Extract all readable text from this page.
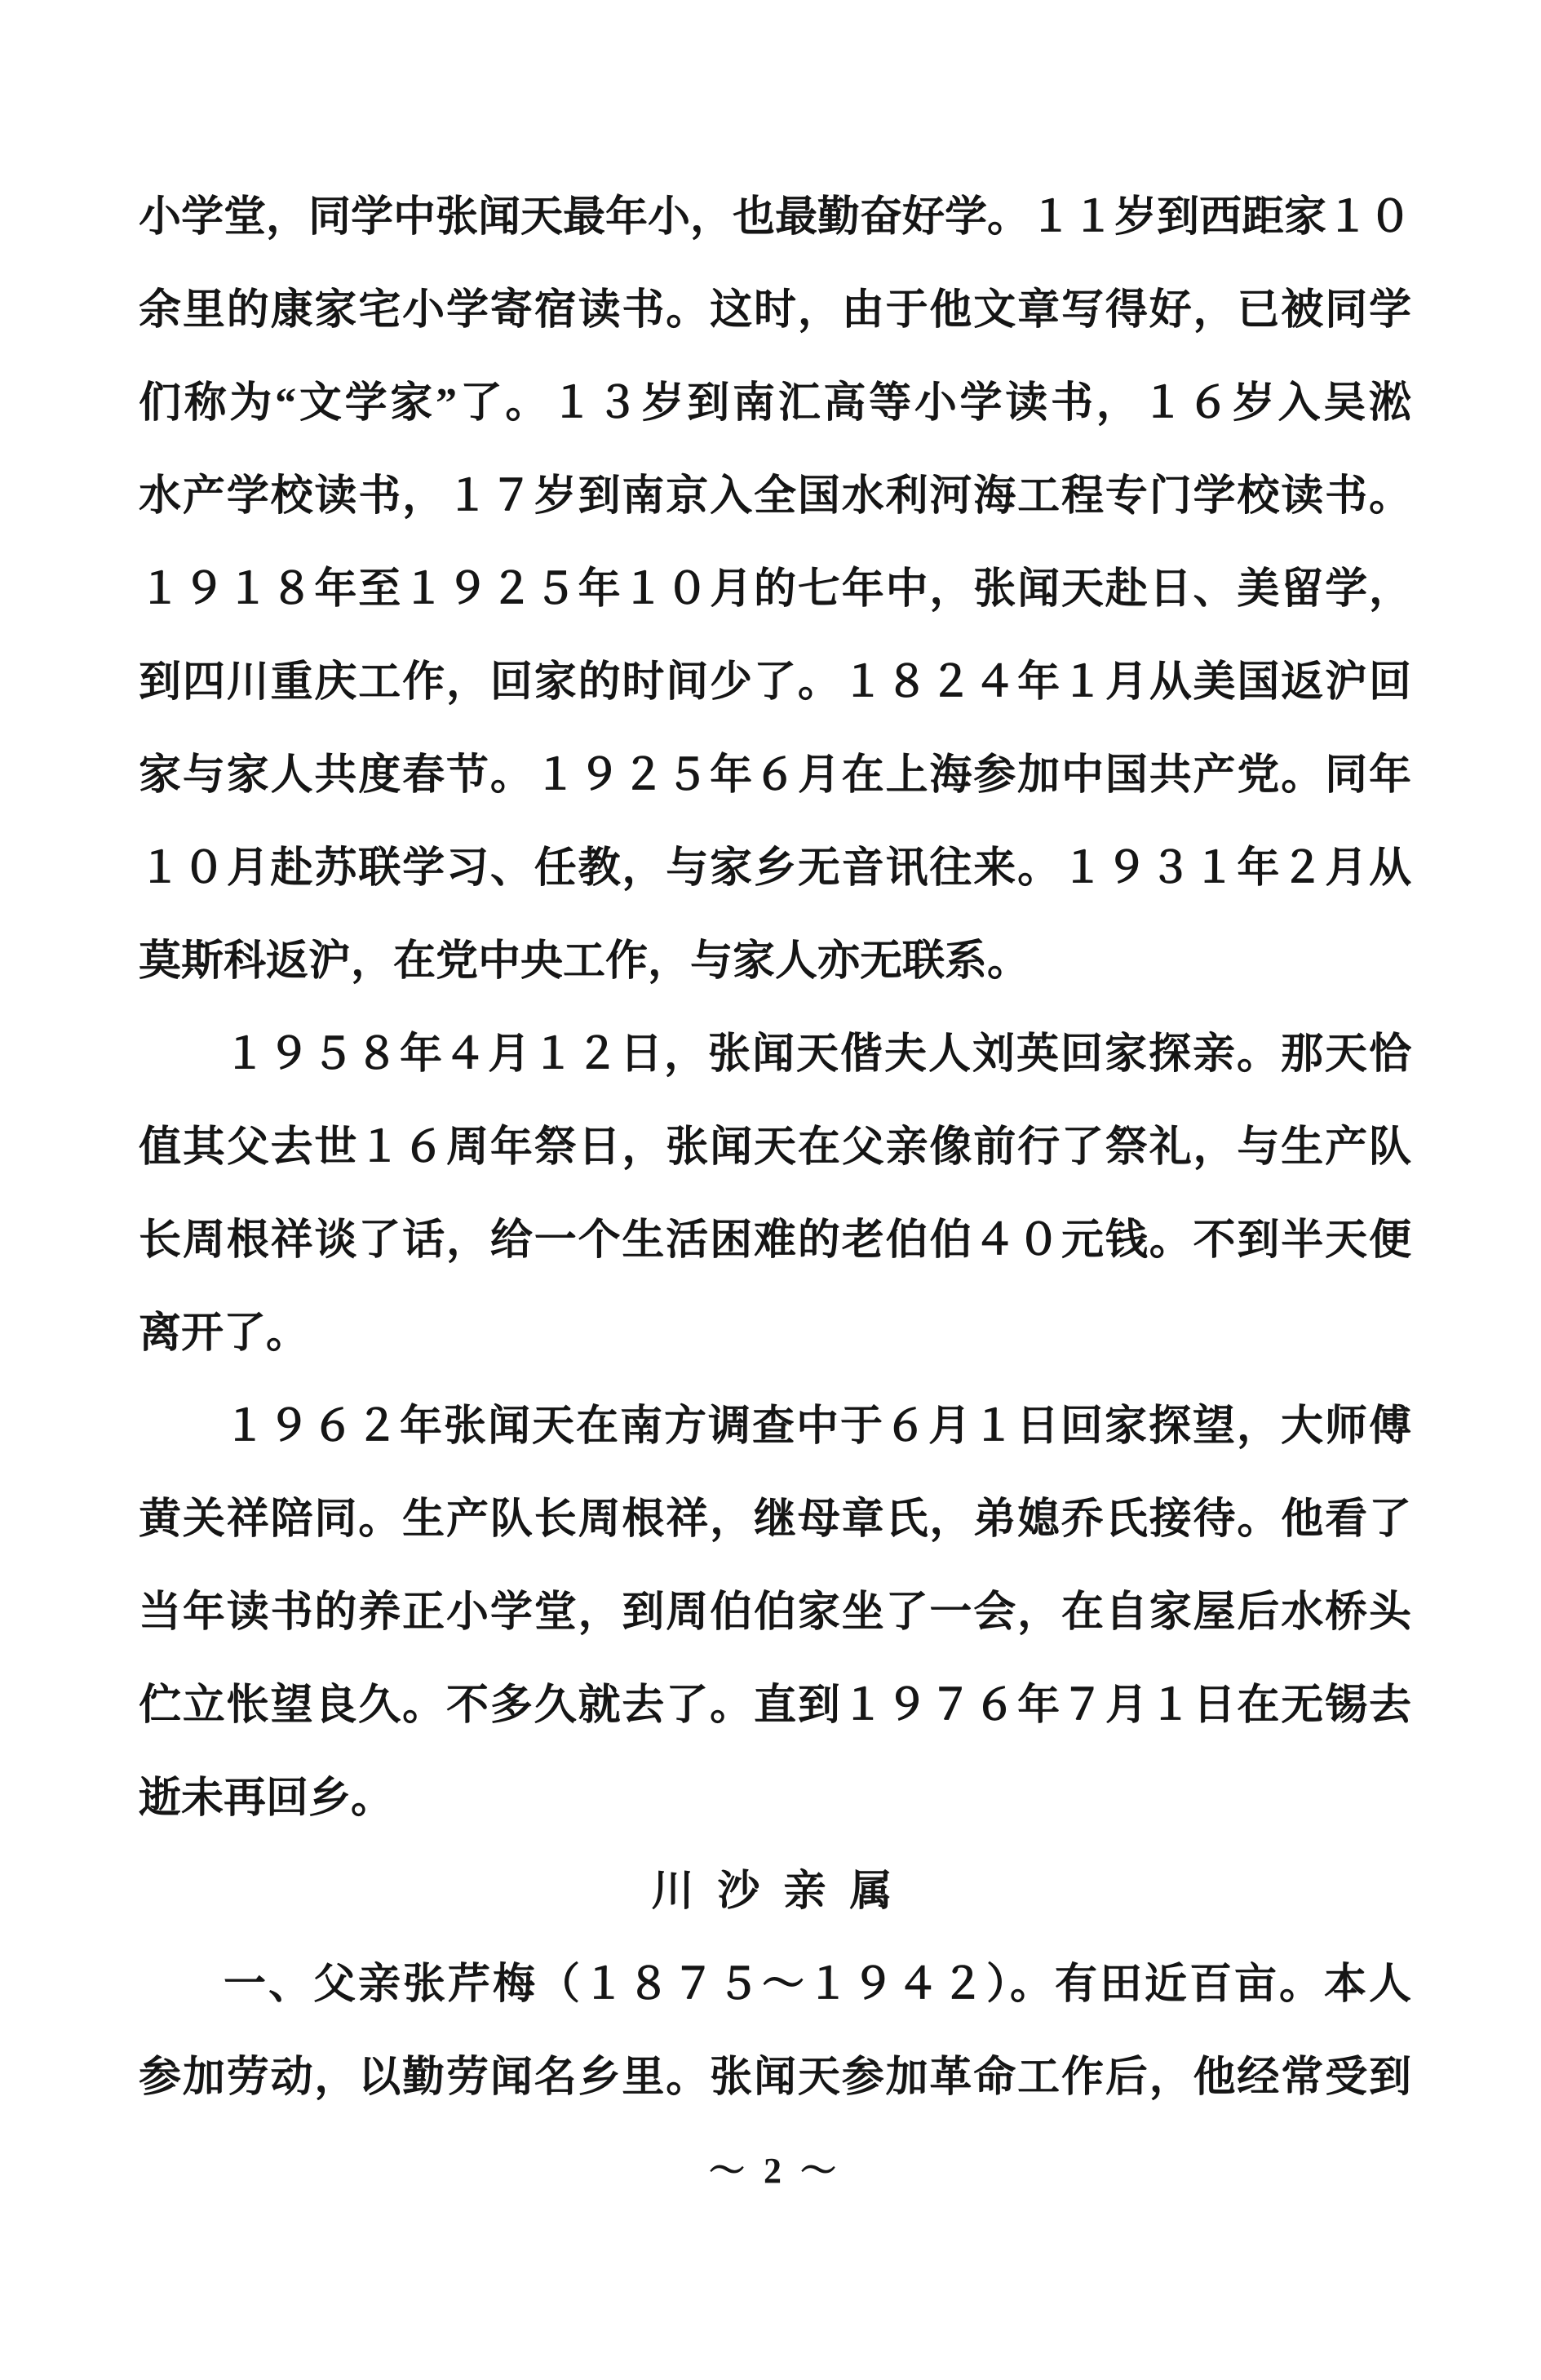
小学堂，同学中张闻天最年小，也最勤奋好学。１１岁到西距家１０
余里的康家宅小学寄宿读书。这时，由于他文章写得好，已被同学
们称为“文学家”了。１３岁到南汇高等小学读书，１６岁入吴淞
水产学校读书，１７岁到南京入全国水利河海工程专门学校读书。
１９１８年至１９２５年１０月的七年中，张闻天赴日、美留学，
到四川重庆工作，回家的时间少了。１８２４年１月从美国返沪回
家与家人共度春节。１９２５年６月在上海参加中国共产党。同年
１０月赴苏联学习、任教，与家乡无音讯往来。１９３１年２月从
莫斯科返沪，在党中央工作，与家人亦无联系。
１９５８年４月１２日，张闻天偕夫人刘英回家探亲。那天恰
值其父去世１６周年祭日，张闻天在父亲像前行了祭礼，与生产队
长周根祥谈了话，给一个生活困难的老伯伯４０元钱。不到半天便
离开了。
１９６２年张闻天在南方调查中于６月１日回家探望，大师傅
黄关祥陪同。生产队长周根祥，继母章氏，弟媳乔氏接待。他看了
当年读书的养正小学堂，到周伯伯家坐了一会，在自家屋后水桥头
伫立怅望良久。不多久就去了。直到１９７６年７月１日在无锡去
逝未再回乡。
川 沙 亲 属
一、父亲张芹梅（１８７５～１９４２）。有田近百亩。本人
参加劳动，以勤劳闻名乡里。张闻天参加革命工作后，他经常受到
～ 2 ～
